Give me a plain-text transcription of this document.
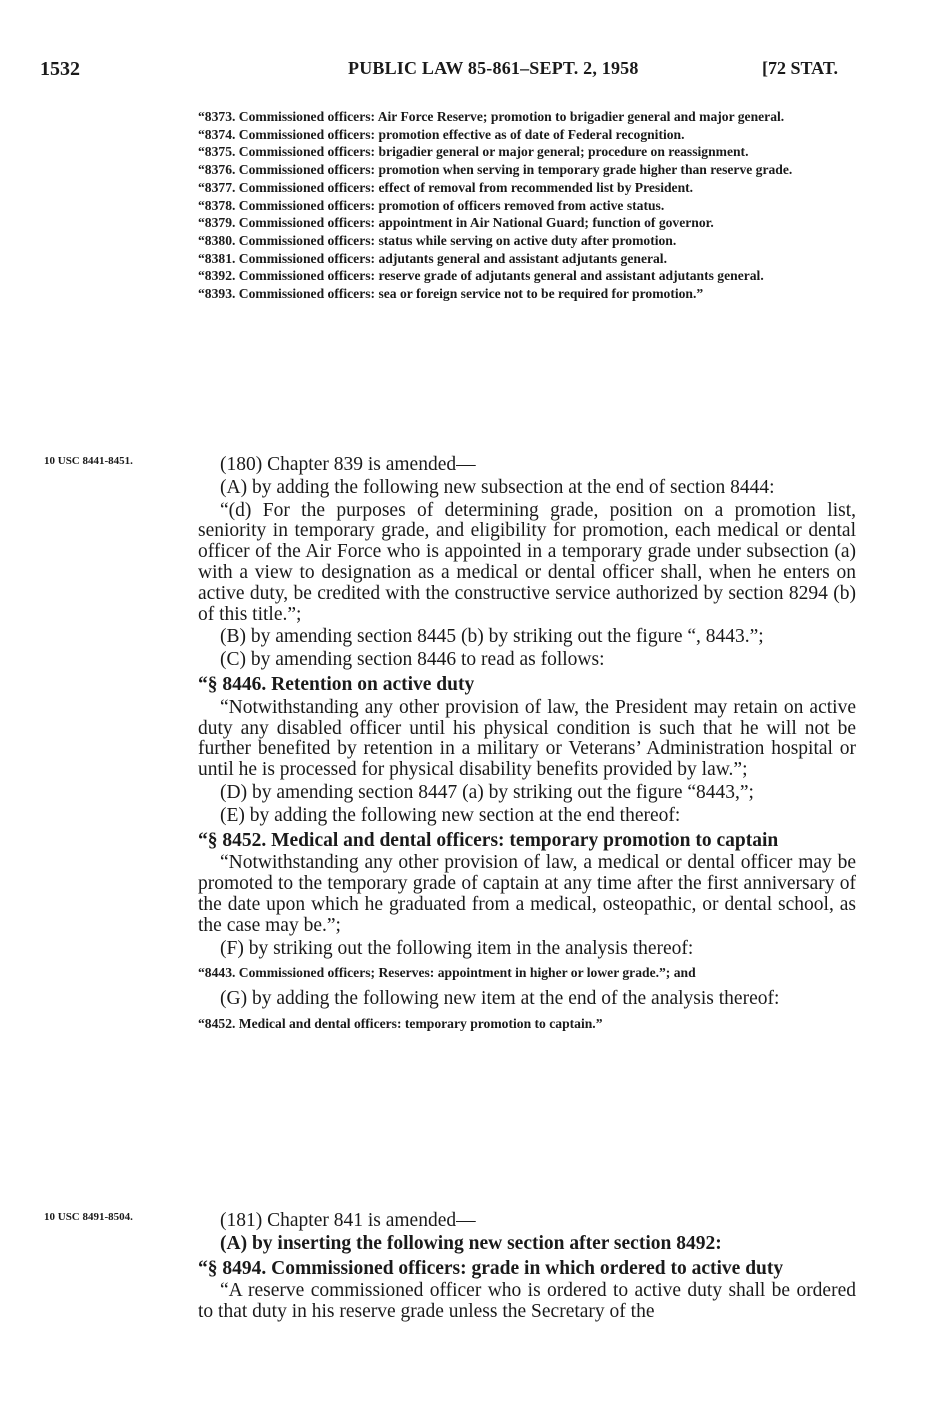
1532	PUBLIC LAW 85-861–SEPT. 2, 1958	[72 STAT.
“8373. Commissioned officers: Air Force Reserve; promotion to brigadier general and major general.
“8374. Commissioned officers: promotion effective as of date of Federal recognition.
“8375. Commissioned officers: brigadier general or major general; procedure on reassignment.
“8376. Commissioned officers: promotion when serving in temporary grade higher than reserve grade.
“8377. Commissioned officers: effect of removal from recommended list by President.
“8378. Commissioned officers: promotion of officers removed from active status.
“8379. Commissioned officers: appointment in Air National Guard; function of governor.
“8380. Commissioned officers: status while serving on active duty after promotion.
“8381. Commissioned officers: adjutants general and assistant adjutants general.
“8392. Commissioned officers: reserve grade of adjutants general and assistant adjutants general.
“8393. Commissioned officers: sea or foreign service not to be required for promotion.”
10 USC 8441-8451.	(180) Chapter 839 is amended—
(A) by adding the following new subsection at the end of section 8444:
“(d) For the purposes of determining grade, position on a promotion list, seniority in temporary grade, and eligibility for promotion, each medical or dental officer of the Air Force who is appointed in a temporary grade under subsection (a) with a view to designation as a medical or dental officer shall, when he enters on active duty, be credited with the constructive service authorized by section 8294 (b) of this title.”;
(B) by amending section 8445 (b) by striking out the figure “, 8443.”;
(C) by amending section 8446 to read as follows:
“§ 8446. Retention on active duty
“Notwithstanding any other provision of law, the President may retain on active duty any disabled officer until his physical condition is such that he will not be further benefited by retention in a military or Veterans’ Administration hospital or until he is processed for physical disability benefits provided by law.”;
(D) by amending section 8447 (a) by striking out the figure “8443,”;
(E) by adding the following new section at the end thereof:
“§ 8452. Medical and dental officers: temporary promotion to captain
“Notwithstanding any other provision of law, a medical or dental officer may be promoted to the temporary grade of captain at any time after the first anniversary of the date upon which he graduated from a medical, osteopathic, or dental school, as the case may be.”;
(F) by striking out the following item in the analysis thereof:
“8443. Commissioned officers; Reserves: appointment in higher or lower grade.”; and
(G) by adding the following new item at the end of the analysis thereof:
“8452. Medical and dental officers: temporary promotion to captain.”
10 USC 8491-8504.	(181) Chapter 841 is amended—
(A) by inserting the following new section after section 8492:
“§ 8494. Commissioned officers: grade in which ordered to active duty
“A reserve commissioned officer who is ordered to active duty shall be ordered to that duty in his reserve grade unless the Secretary of the
